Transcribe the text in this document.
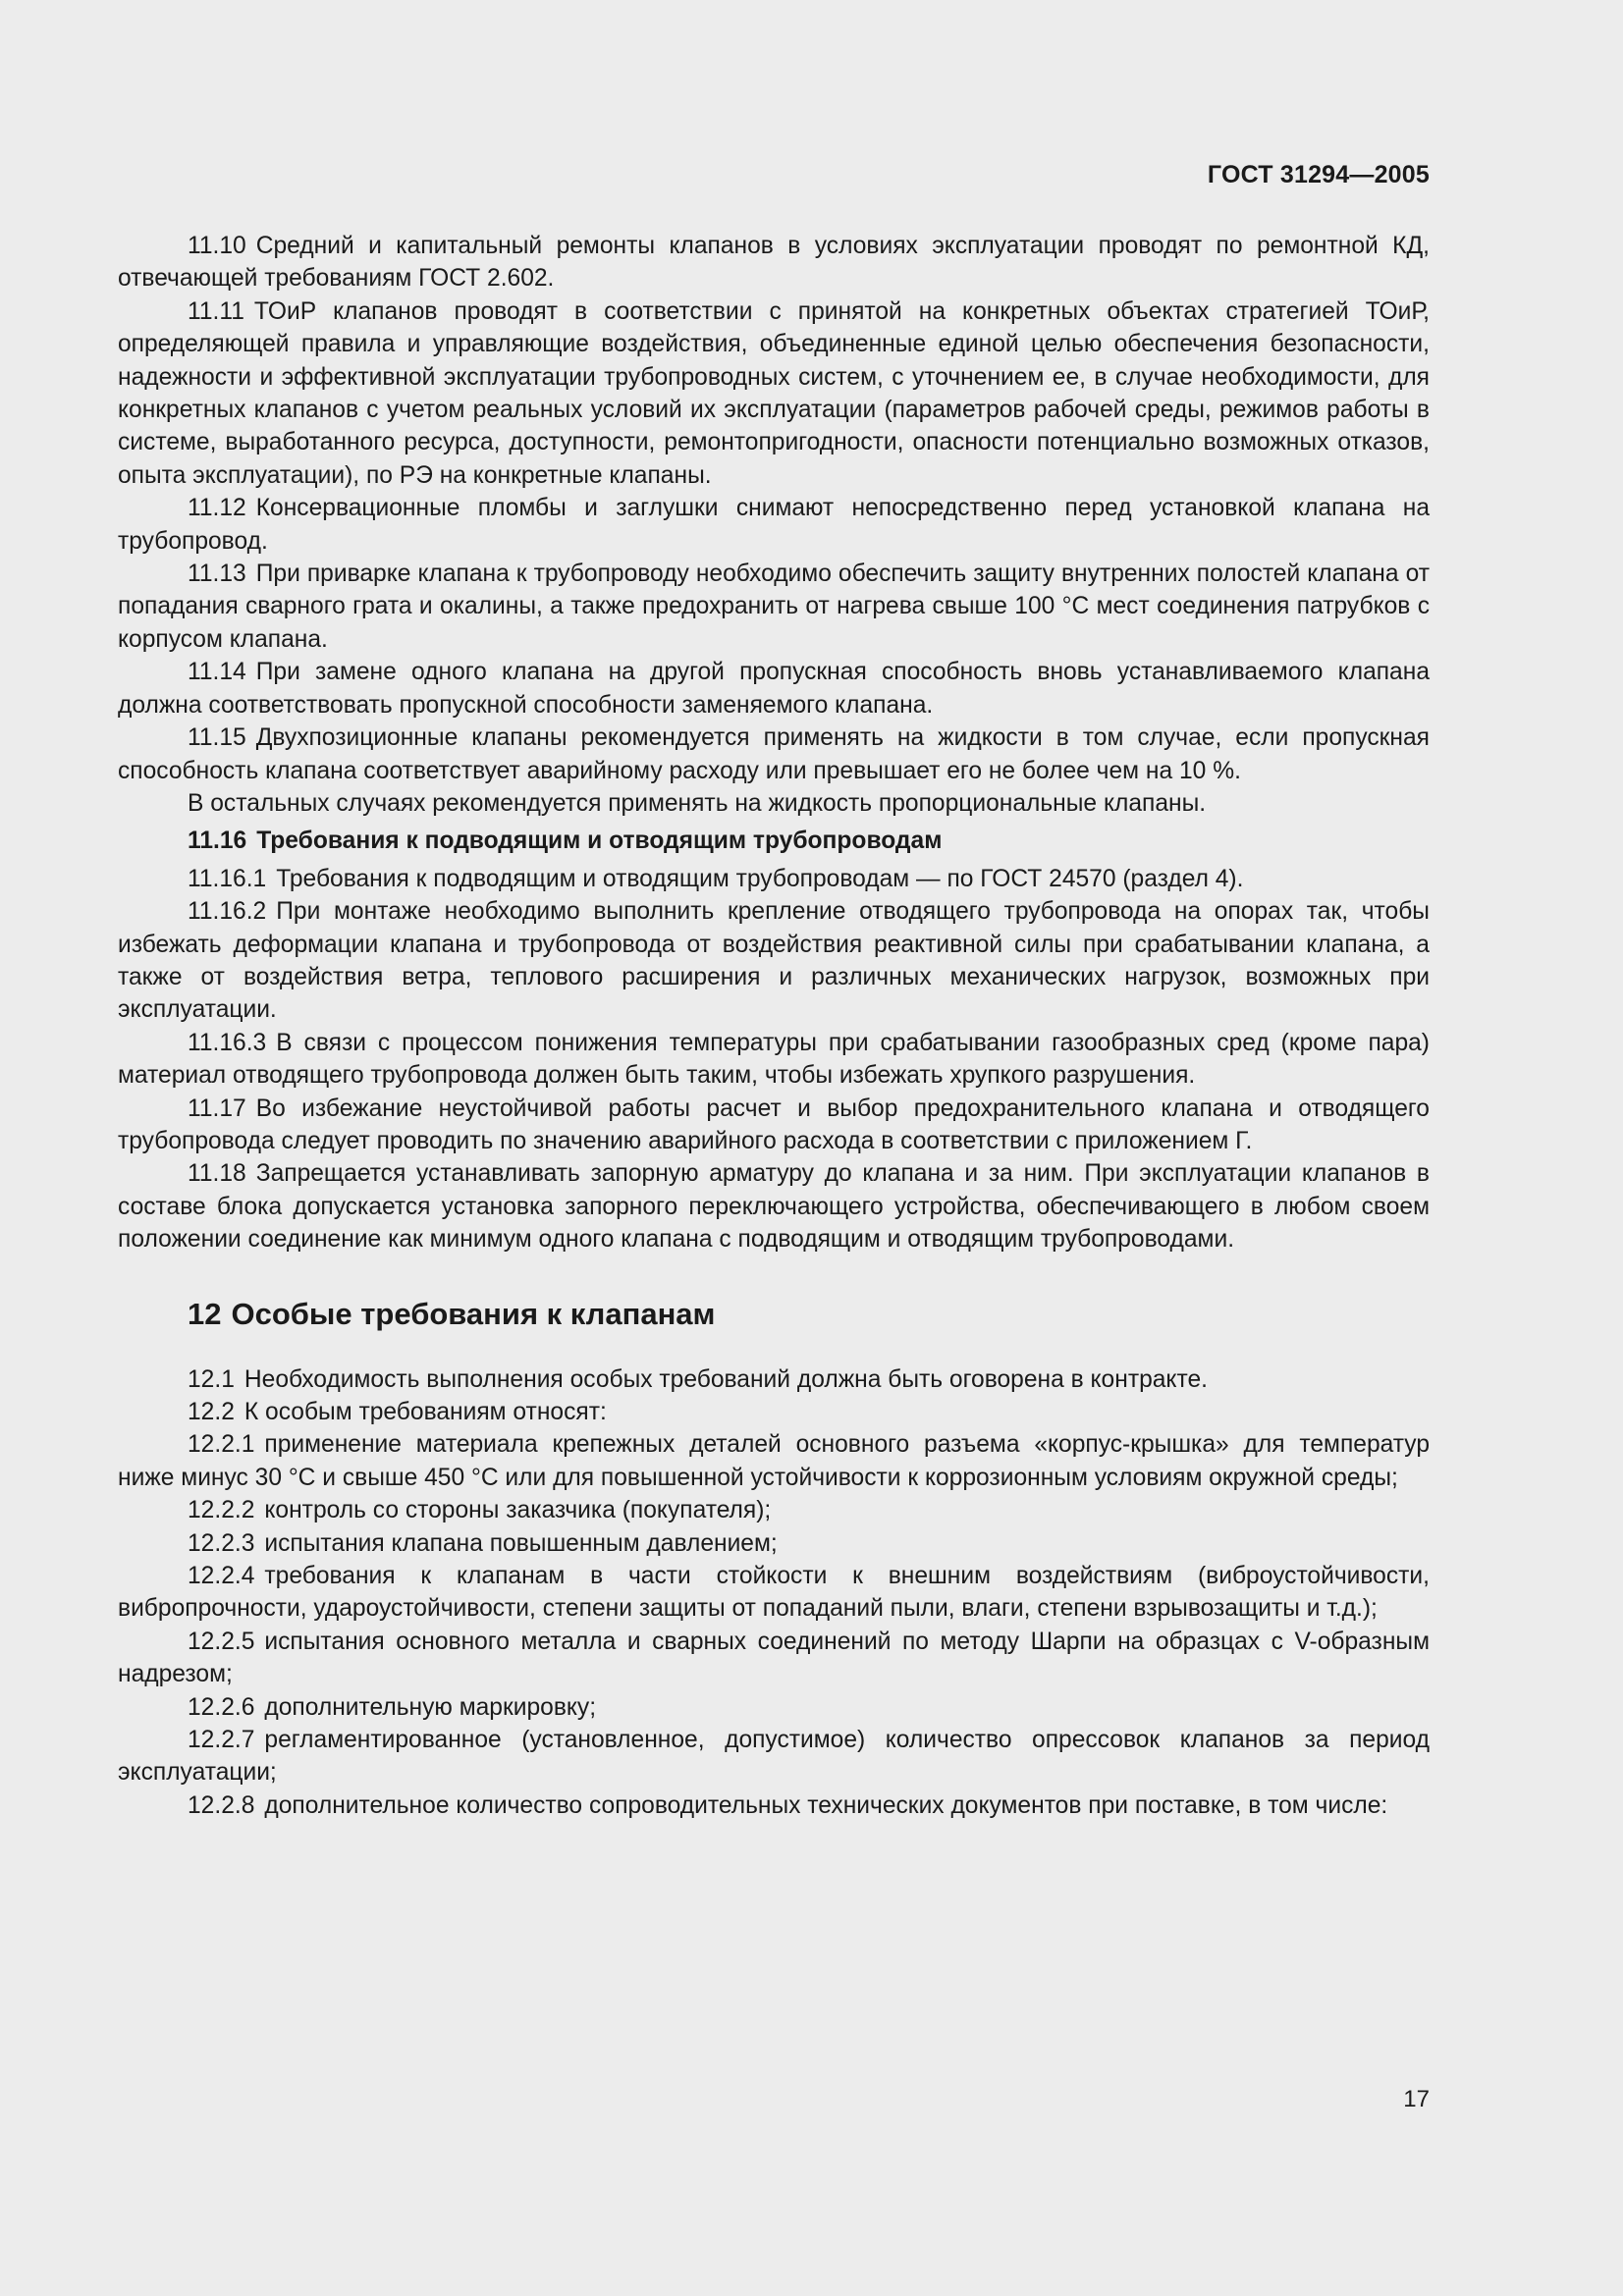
ГОСТ 31294—2005

11.10 Средний и капитальный ремонты клапанов в условиях эксплуатации проводят по ремонтной КД, отвечающей требованиям ГОСТ 2.602.

11.11 ТОиР клапанов проводят в соответствии с принятой на конкретных объектах стратегией ТОиР, определяющей правила и управляющие воздействия, объединенные единой целью обеспечения безопасности, надежности и эффективной эксплуатации трубопроводных систем, с уточнением ее, в случае необходимости, для конкретных клапанов с учетом реальных условий их эксплуатации (параметров рабочей среды, режимов работы в системе, выработанного ресурса, доступности, ремонтопригодности, опасности потенциально возможных отказов, опыта эксплуатации), по РЭ на конкретные клапаны.

11.12 Консервационные пломбы и заглушки снимают непосредственно перед установкой клапана на трубопровод.

11.13 При приварке клапана к трубопроводу необходимо обеспечить защиту внутренних полостей клапана от попадания сварного грата и окалины, а также предохранить от нагрева свыше 100 °С мест соединения патрубков с корпусом клапана.

11.14 При замене одного клапана на другой пропускная способность вновь устанавливаемого клапана должна соответствовать пропускной способности заменяемого клапана.

11.15 Двухпозиционные клапаны рекомендуется применять на жидкости в том случае, если пропускная способность клапана соответствует аварийному расходу или превышает его не более чем на 10 %.

В остальных случаях рекомендуется применять на жидкость пропорциональные клапаны.

11.16 Требования к подводящим и отводящим трубопроводам

11.16.1 Требования к подводящим и отводящим трубопроводам — по ГОСТ 24570 (раздел 4).

11.16.2 При монтаже необходимо выполнить крепление отводящего трубопровода на опорах так, чтобы избежать деформации клапана и трубопровода от воздействия реактивной силы при срабатывании клапана, а также от воздействия ветра, теплового расширения и различных механических нагрузок, возможных при эксплуатации.

11.16.3 В связи с процессом понижения температуры при срабатывании газообразных сред (кроме пара) материал отводящего трубопровода должен быть таким, чтобы избежать хрупкого разрушения.

11.17 Во избежание неустойчивой работы расчет и выбор предохранительного клапана и отводящего трубопровода следует проводить по значению аварийного расхода в соответствии с приложением Г.

11.18 Запрещается устанавливать запорную арматуру до клапана и за ним. При эксплуатации клапанов в составе блока допускается установка запорного переключающего устройства, обеспечивающего в любом своем положении соединение как минимум одного клапана с подводящим и отводящим трубопроводами.

12 Особые требования к клапанам

12.1 Необходимость выполнения особых требований должна быть оговорена в контракте.

12.2 К особым требованиям относят:

12.2.1 применение материала крепежных деталей основного разъема «корпус-крышка» для температур ниже минус 30 °С и свыше 450 °С или для повышенной устойчивости к коррозионным условиям окружной среды;

12.2.2 контроль со стороны заказчика (покупателя);

12.2.3 испытания клапана повышенным давлением;

12.2.4 требования к клапанам в части стойкости к внешним воздействиям (виброустойчивости, вибропрочности, удароустойчивости, степени защиты от попаданий пыли, влаги, степени взрывозащиты и т.д.);

12.2.5 испытания основного металла и сварных соединений по методу Шарпи на образцах с V-образным надрезом;

12.2.6 дополнительную маркировку;

12.2.7 регламентированное (установленное, допустимое) количество опрессовок клапанов за период эксплуатации;

12.2.8 дополнительное количество сопроводительных технических документов при поставке, в том числе:

17
